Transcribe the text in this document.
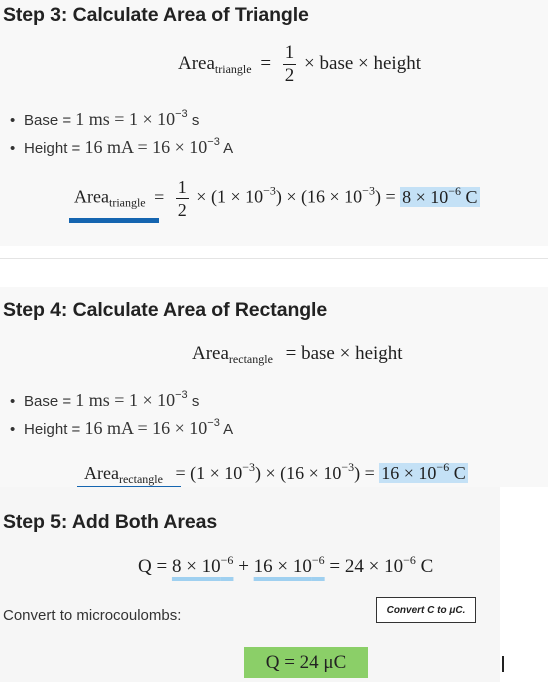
Step 3: Calculate Area of Triangle
Area$_{triangle}$ = $\frac{1}{2}$ × base × height
• Base = 1 ms = $1 \times 10^{-3}$ s
• Height = 16 mA = $16 \times 10^{-3}$ A
Area$_{triangle}$ = $\frac{1}{2} \times (1 \times 10^{-3}) \times (16 \times 10^{-3}) = 8 \times 10^{-6}$ C
Step 4: Calculate Area of Rectangle
Area$_{rectangle}$ = base × height
• Base = 1 ms = $1 \times 10^{-3}$ s
• Height = 16 mA = $16 \times 10^{-3}$ A
Area$_{rectangle}$ = $(1 \times 10^{-3}) \times (16 \times 10^{-3}) = 16 \times 10^{-6}$ C
Step 5: Add Both Areas
$Q = 8 \times 10^{-6} + 16 \times 10^{-6} = 24 \times 10^{-6}$ C
Convert to microcoulombs:	Convert C to μC.
Q = 24 μC
